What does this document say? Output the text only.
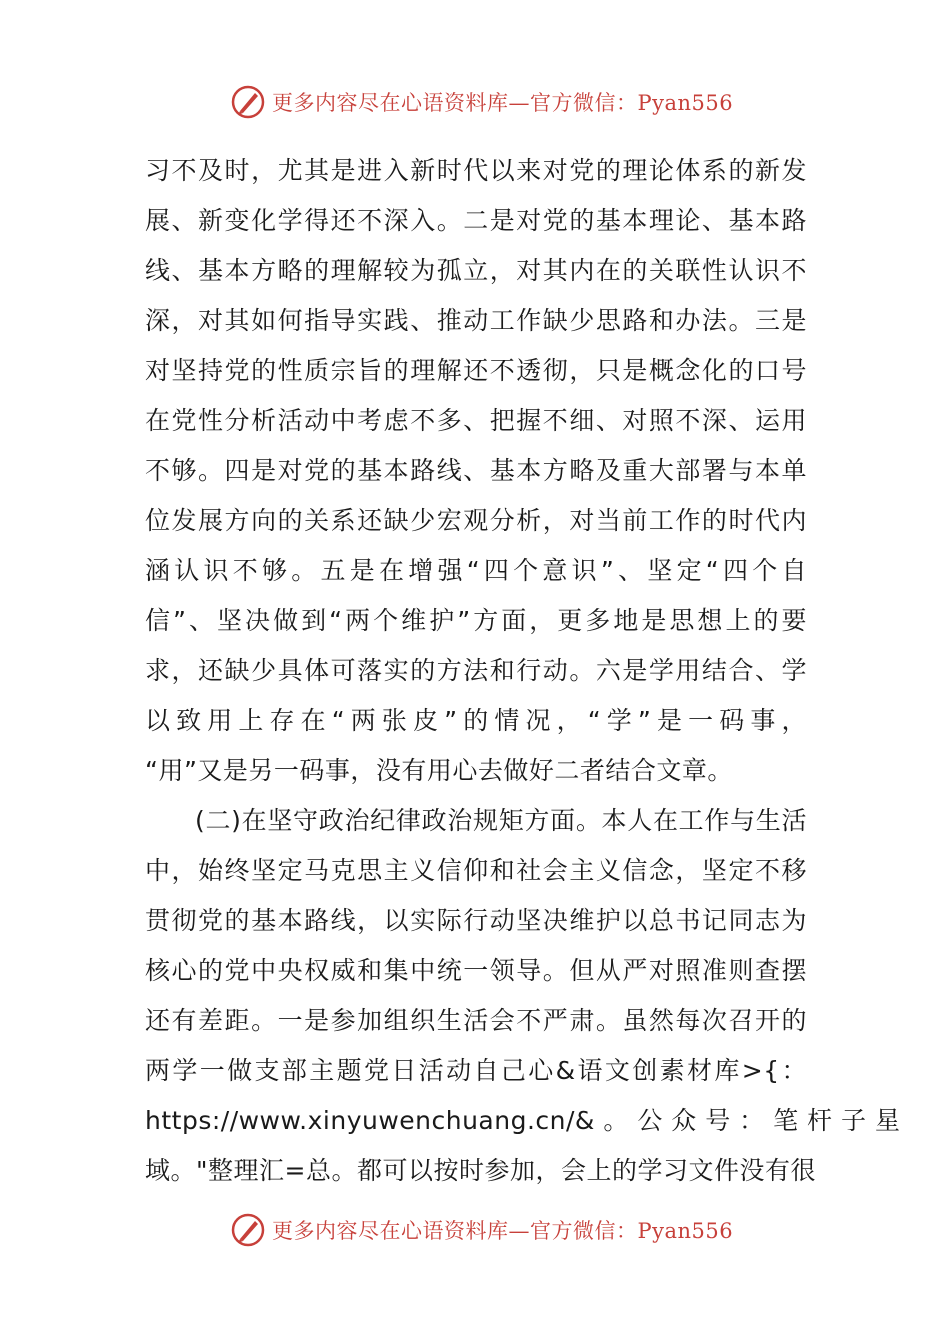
更多内容尽在心语资料库—官方微信：Pyan556
习不及时，尤其是进入新时代以来对党的理论体系的新发
展、新变化学得还不深入。二是对党的基本理论、基本路
线、基本方略的理解较为孤立，对其内在的关联性认识不
深，对其如何指导实践、推动工作缺少思路和办法。三是
对坚持党的性质宗旨的理解还不透彻，只是概念化的口号
在党性分析活动中考虑不多、把握不细、对照不深、运用
不够。四是对党的基本路线、基本方略及重大部署与本单
位发展方向的关系还缺少宏观分析，对当前工作的时代内
涵认识不够。五是在增强“四个意识”、坚定“四个自
信”、坚决做到“两个维护”方面，更多地是思想上的要
求，还缺少具体可落实的方法和行动。六是学用结合、学
以致用上存在“两张皮”的情况，“学”是一码事，
“用”又是另一码事，没有用心去做好二者结合文章。
(二)在坚守政治纪律政治规矩方面。本人在工作与生活
中，始终坚定马克思主义信仰和社会主义信念，坚定不移
贯彻党的基本路线，以实际行动坚决维护以总书记同志为
核心的党中央权威和集中统一领导。但从严对照准则查摆
还有差距。一是参加组织生活会不严肃。虽然每次召开的
两学一做支部主题党日活动自己心&语文创素材库>{：
https://www.xinyuwenchuang.cn/& 。 公 众 号 ： 笔 杆 子 星
域。"整理汇=总。都可以按时参加，会上的学习文件没有很
更多内容尽在心语资料库—官方微信：Pyan556
